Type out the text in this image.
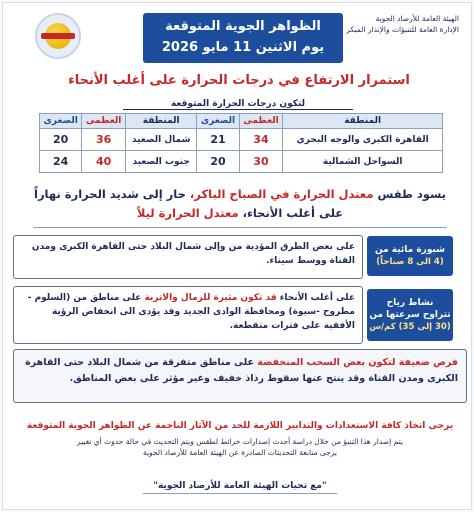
الظواهر الجوية المتوقعة
يوم الاثنين 11 مايو 2026
الهيئة العامة للأرصاد الجوية
الإدارة العامة للتنبؤات والإنذار المبكر
استمرار الارتفاع في درجات الحرارة على أغلب الأنحاء
لتكون درجات الحرارة المتوقعة
المنطقة	العظمى	الصغرى	المنطقة	العظمى	الصغرى
القاهرة الكبرى والوجه البحري	34	21	شمال الصعيد	36	20
السواحل الشمالية	30	20	جنوب الصعيد	40	24
يسود طقس معتدل الحرارة في الصباح الباكر، حار إلى شديد الحرارة نهاراً
على أغلب الأنحاء، معتدل الحرارة ليلاً
شبورة مائية من
(4 الى 8 صباحاً)
على بعض الطرق المؤدية من وإلى شمال البلاد حتى القاهرة الكبرى ومدن القناة ووسط سيناء.
نشاط رياح
تتراوح سرعتها من
(30 إلى 35) كم/س
على أغلب الأنحاء قد تكون مثيرة للرمال والاتربة على مناطق من (السلوم - مطروح -سيوة) ومحافظة الوادى الجديد وقد يؤدى الى انخفاض الرؤية الأفقية على فترات متقطعة.
فرص ضعيفة لتكون بعض السحب المنخفضة على مناطق متفرقة من شمال البلاد حتى القاهرة الكبرى ومدن القناة وقد ينتج عنها سقوط رذاذ خفيف وغير مؤثر على بعض المناطق.
يرجى اتخاذ كافة الاستعدادات والتدابير اللازمة للحد من الآثار الناجمة عن الظواهر الجوية المتوقعة
يتم إصدار هذا التنبؤ من خلال دراسة أحدث إصدارات خرائط لطقس ويتم التحديث في حالة حدوث أي تغيير
يرجى متابعة التحديثات الصادرة عن الهيئة العامة للأرصاد الجوية
"مع تحيات الهيئة العامة للأرصاد الجوية"
